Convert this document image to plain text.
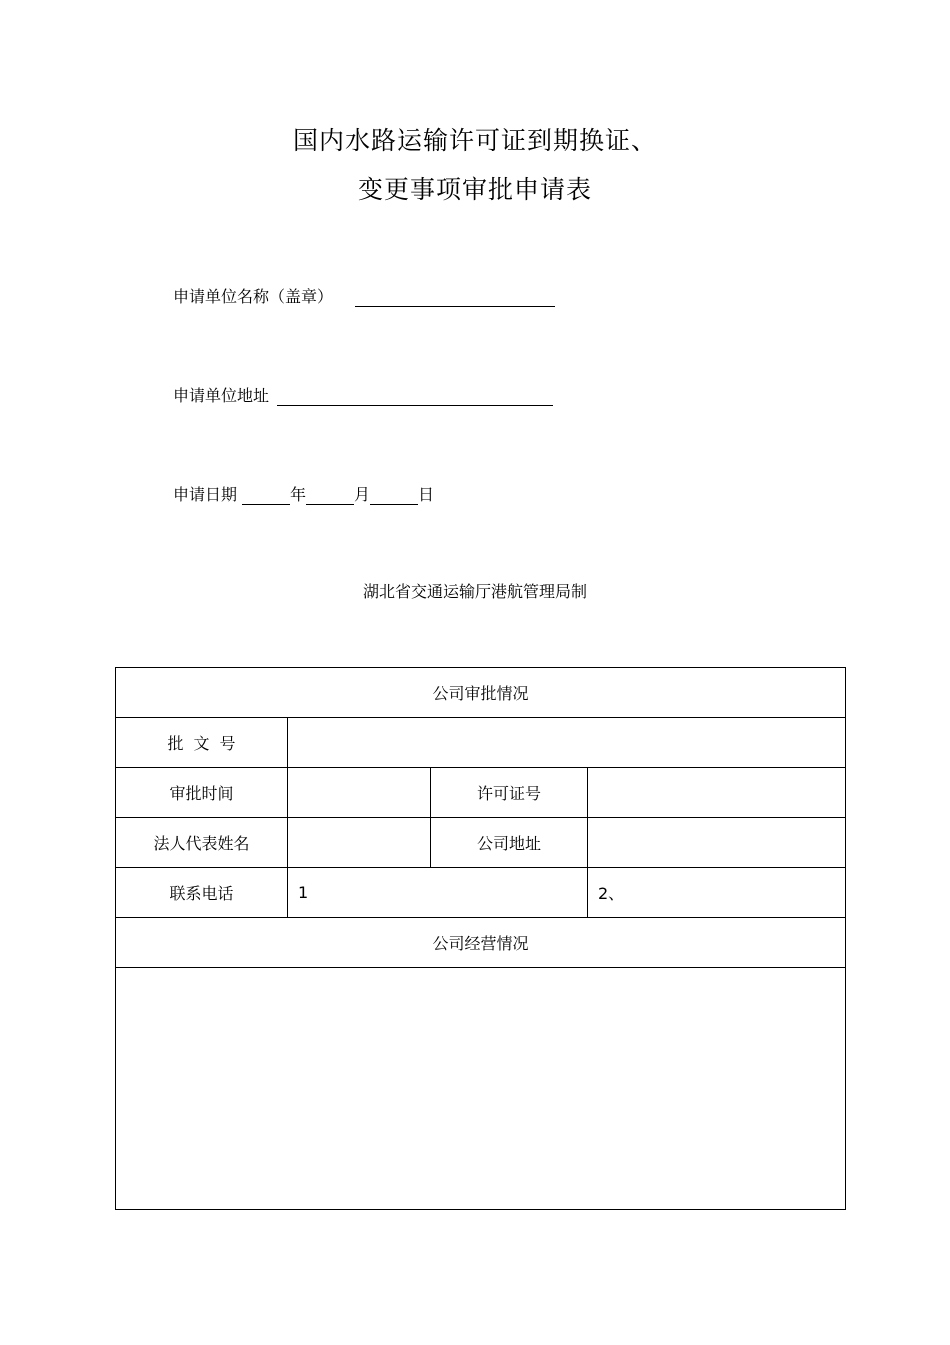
国内水路运输许可证到期换证、
变更事项审批申请表
申请单位名称（盖章）
申请单位地址
申请日期	年	月	日
湖北省交通运输厅港航管理局制
公司审批情况			
批文号			
审批时间		许可证号	
法人代表姓名		公司地址	
联系电话	1		2、
公司经营情况			
